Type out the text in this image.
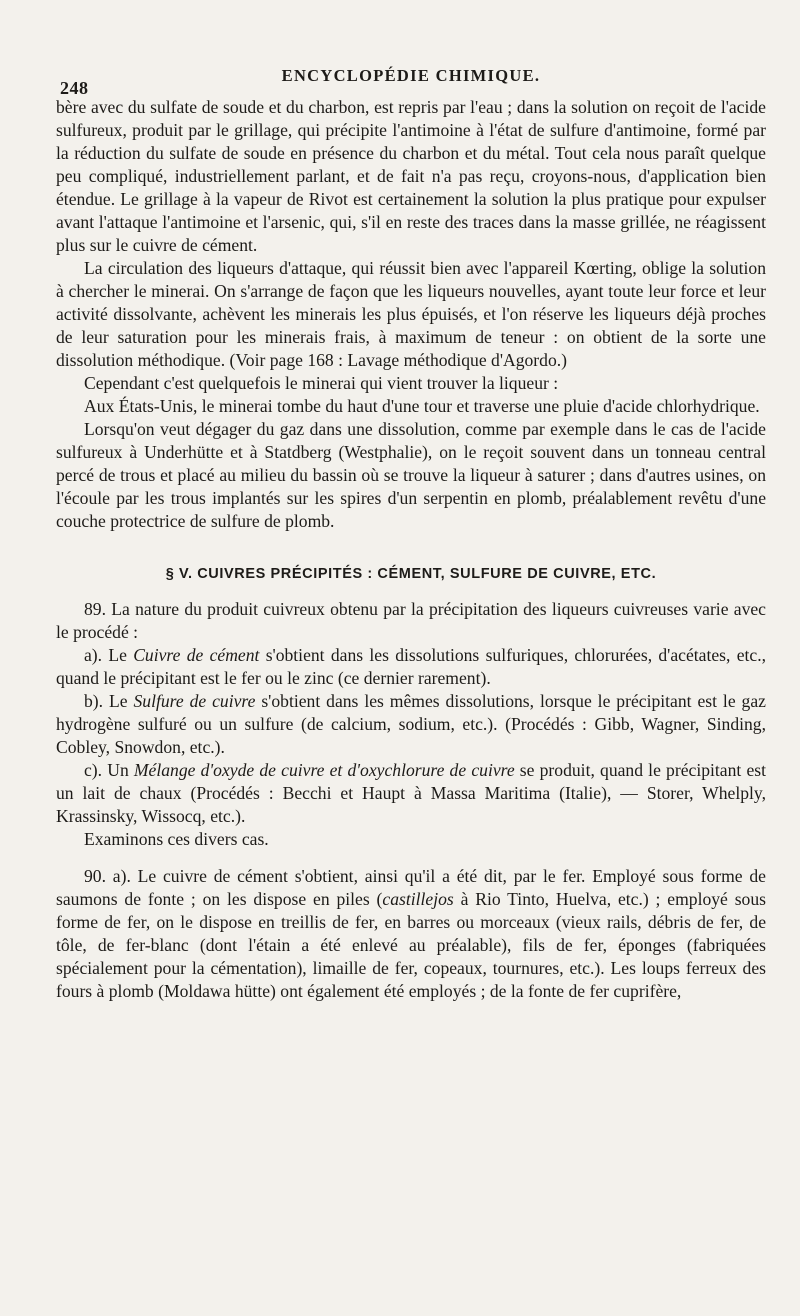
248
ENCYCLOPÉDIE CHIMIQUE.

bère avec du sulfate de soude et du charbon, est repris par l'eau ; dans la solution on reçoit de l'acide sulfureux, produit par le grillage, qui précipite l'antimoine à l'état de sulfure d'antimoine, formé par la réduction du sulfate de soude en présence du charbon et du métal. Tout cela nous paraît quelque peu compliqué, industriellement parlant, et de fait n'a pas reçu, croyons-nous, d'application bien étendue. Le grillage à la vapeur de Rivot est certainement la solution la plus pratique pour expulser avant l'attaque l'antimoine et l'arsenic, qui, s'il en reste des traces dans la masse grillée, ne réagissent plus sur le cuivre de cément.

La circulation des liqueurs d'attaque, qui réussit bien avec l'appareil Kœrting, oblige la solution à chercher le minerai. On s'arrange de façon que les liqueurs nouvelles, ayant toute leur force et leur activité dissolvante, achèvent les minerais les plus épuisés, et l'on réserve les liqueurs déjà proches de leur saturation pour les minerais frais, à maximum de teneur : on obtient de la sorte une dissolution méthodique. (Voir page 168 : Lavage méthodique d'Agordo.)

Cependant c'est quelquefois le minerai qui vient trouver la liqueur :

Aux États-Unis, le minerai tombe du haut d'une tour et traverse une pluie d'acide chlorhydrique.

Lorsqu'on veut dégager du gaz dans une dissolution, comme par exemple dans le cas de l'acide sulfureux à Underhütte et à Statdberg (Westphalie), on le reçoit souvent dans un tonneau central percé de trous et placé au milieu du bassin où se trouve la liqueur à saturer ; dans d'autres usines, on l'écoule par les trous implantés sur les spires d'un serpentin en plomb, préalablement revêtu d'une couche protectrice de sulfure de plomb.

§ V. CUIVRES PRÉCIPITÉS : CÉMENT, SULFURE DE CUIVRE, ETC.

89. La nature du produit cuivreux obtenu par la précipitation des liqueurs cuivreuses varie avec le procédé :

a). Le Cuivre de cément s'obtient dans les dissolutions sulfuriques, chlorurées, d'acétates, etc., quand le précipitant est le fer ou le zinc (ce dernier rarement).

b). Le Sulfure de cuivre s'obtient dans les mêmes dissolutions, lorsque le précipitant est le gaz hydrogène sulfuré ou un sulfure (de calcium, sodium, etc.). (Procédés : Gibb, Wagner, Sinding, Cobley, Snowdon, etc.).

c). Un Mélange d'oxyde de cuivre et d'oxychlorure de cuivre se produit, quand le précipitant est un lait de chaux (Procédés : Becchi et Haupt à Massa Maritima (Italie), — Storer, Whelply, Krassinsky, Wissocq, etc.).

Examinons ces divers cas.

90. a). Le cuivre de cément s'obtient, ainsi qu'il a été dit, par le fer. Employé sous forme de saumons de fonte ; on les dispose en piles (castillejos à Rio Tinto, Huelva, etc.) ; employé sous forme de fer, on le dispose en treillis de fer, en barres ou morceaux (vieux rails, débris de fer, de tôle, de fer-blanc (dont l'étain a été enlevé au préalable), fils de fer, éponges (fabriquées spécialement pour la cémentation), limaille de fer, copeaux, tournures, etc.). Les loups ferreux des fours à plomb (Moldawa hütte) ont également été employés ; de la fonte de fer cuprifère,
